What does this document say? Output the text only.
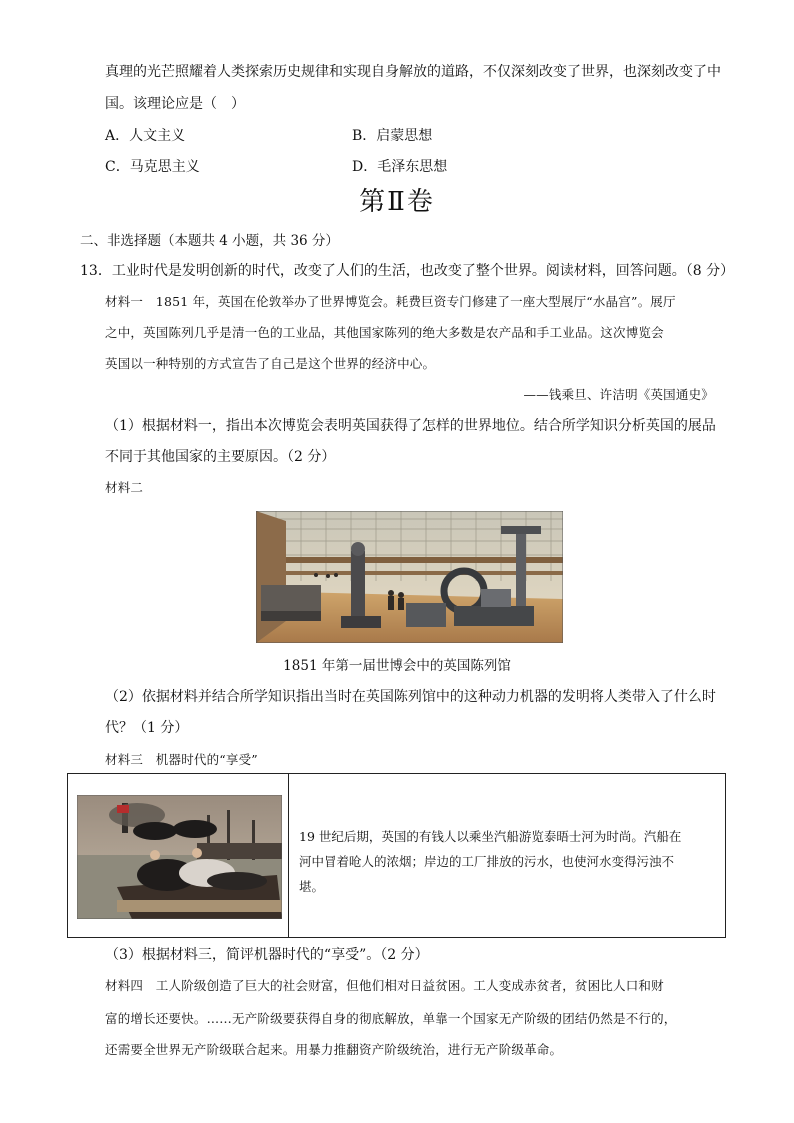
真理的光芒照耀着人类探索历史规律和实现自身解放的道路，不仅深刻改变了世界，也深刻改变了中
国。该理论应是（　）
A．人文主义	B．启蒙思想
C．马克思主义	D．毛泽东思想
第Ⅱ卷
二、非选择题（本题共 4 小题，共 36 分）
13．工业时代是发明创新的时代，改变了人们的生活，也改变了整个世界。阅读材料，回答问题。（8 分）
材料一　1851 年，英国在伦敦举办了世界博览会。耗费巨资专门修建了一座大型展厅“水晶宫”。展厅
之中，英国陈列几乎是清一色的工业品，其他国家陈列的绝大多数是农产品和手工业品。这次博览会
英国以一种特别的方式宣告了自己是这个世界的经济中心。
——钱乘旦、许洁明《英国通史》
（1）根据材料一，指出本次博览会表明英国获得了怎样的世界地位。结合所学知识分析英国的展品
不同于其他国家的主要原因。（2 分）
材料二
1851 年第一届世博会中的英国陈列馆
（2）依据材料并结合所学知识指出当时在英国陈列馆中的这种动力机器的发明将人类带入了什么时
代？（1 分）
材料三　机器时代的“享受”
19 世纪后期，英国的有钱人以乘坐汽船游览泰晤士河为时尚。汽船在
河中冒着呛人的浓烟；岸边的工厂排放的污水，也使河水变得污浊不
堪。
（3）根据材料三，简评机器时代的“享受”。（2 分）
材料四　工人阶级创造了巨大的社会财富，但他们相对日益贫困。工人变成赤贫者，贫困比人口和财
富的增长还要快。……无产阶级要获得自身的彻底解放，单靠一个国家无产阶级的团结仍然是不行的，
还需要全世界无产阶级联合起来。用暴力推翻资产阶级统治，进行无产阶级革命。
